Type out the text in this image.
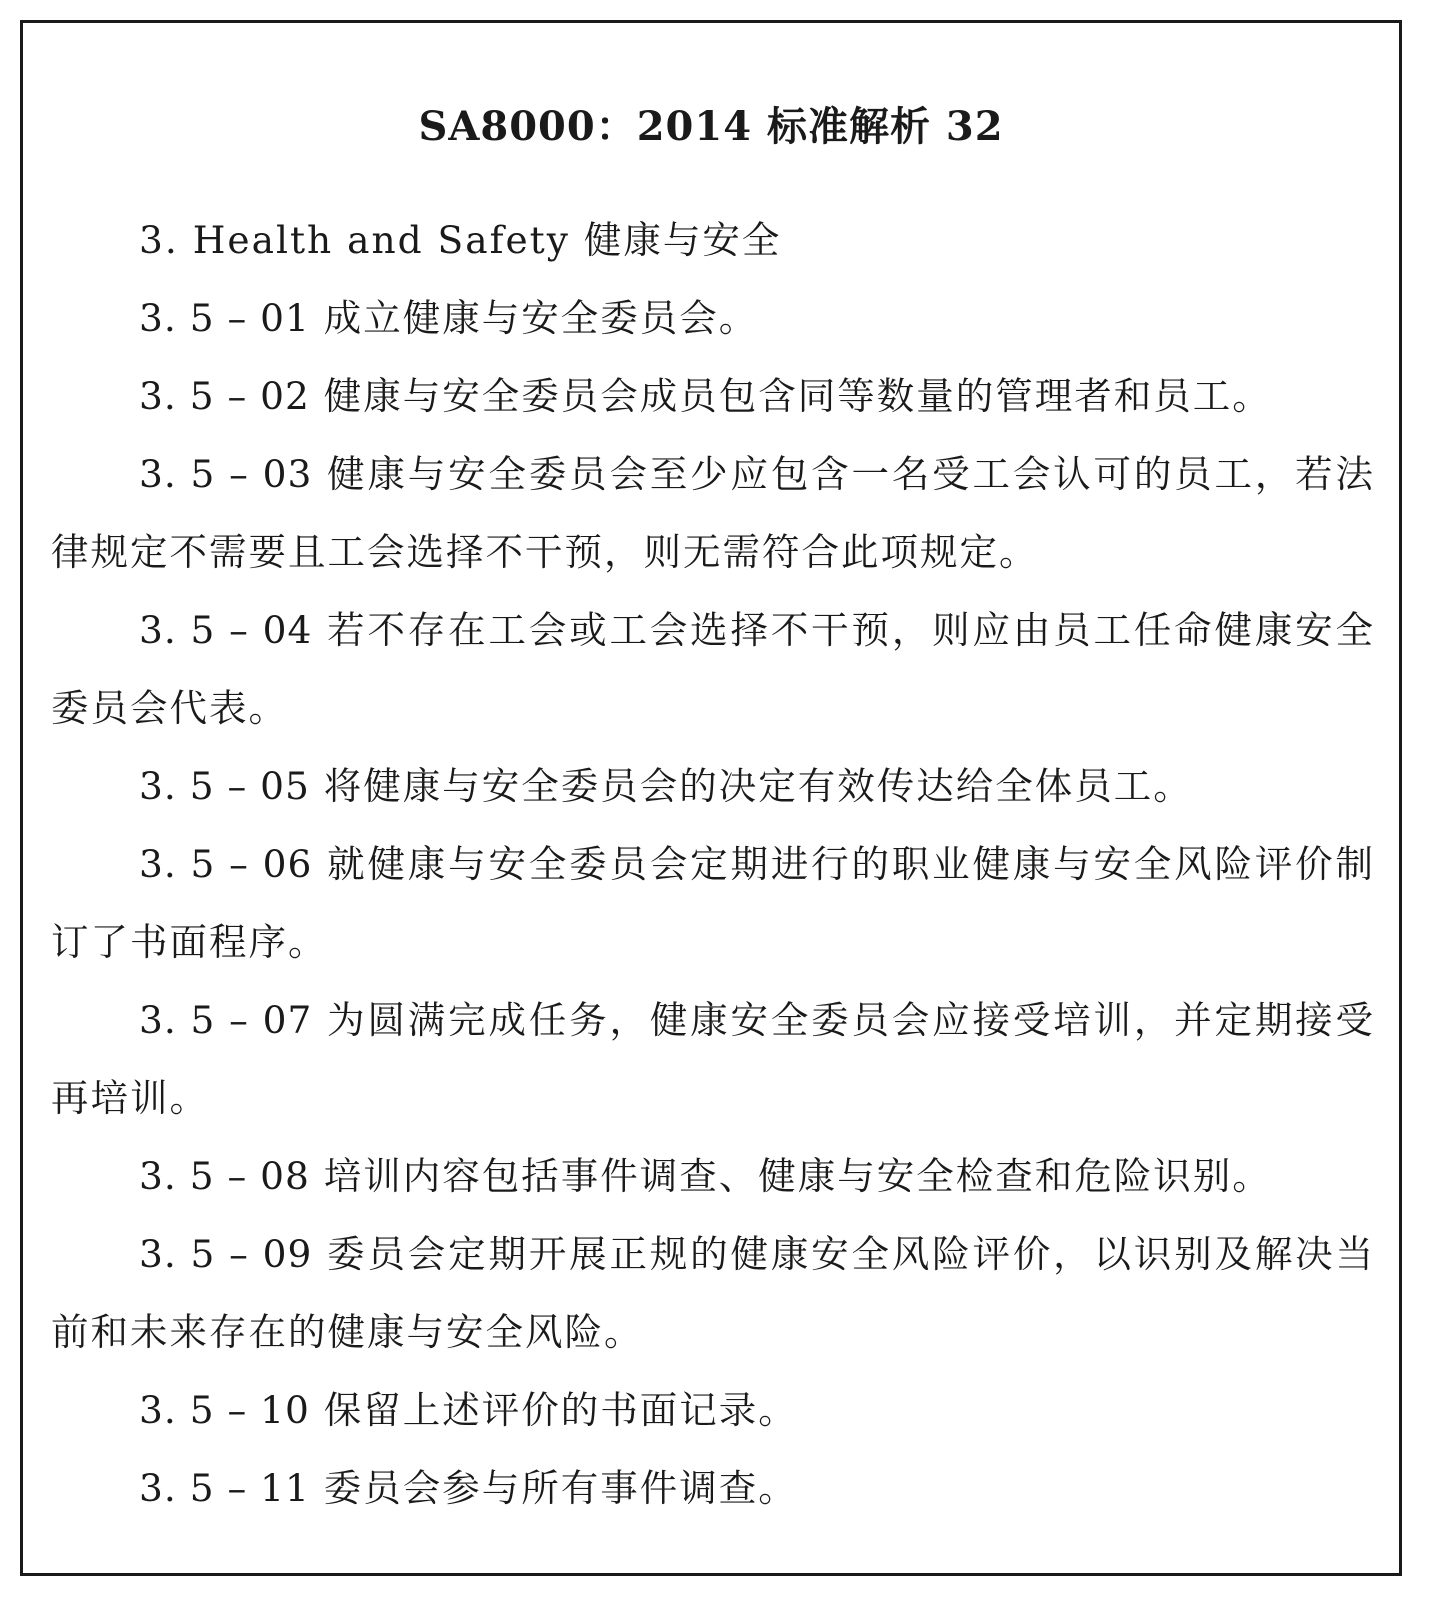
SA8000：2014 标准解析 32

3. Health and Safety 健康与安全

3. 5 – 01 成立健康与安全委员会。

3. 5 – 02 健康与安全委员会成员包含同等数量的管理者和员工。

3. 5 – 03 健康与安全委员会至少应包含一名受工会认可的员工，若法律规定不需要且工会选择不干预，则无需符合此项规定。

3. 5 – 04 若不存在工会或工会选择不干预，则应由员工任命健康安全委员会代表。

3. 5 – 05 将健康与安全委员会的决定有效传达给全体员工。

3. 5 – 06 就健康与安全委员会定期进行的职业健康与安全风险评价制订了书面程序。

3. 5 – 07 为圆满完成任务，健康安全委员会应接受培训，并定期接受再培训。

3. 5 – 08 培训内容包括事件调查、健康与安全检查和危险识别。

3. 5 – 09 委员会定期开展正规的健康安全风险评价，以识别及解决当前和未来存在的健康与安全风险。

3. 5 – 10 保留上述评价的书面记录。

3. 5 – 11 委员会参与所有事件调查。
